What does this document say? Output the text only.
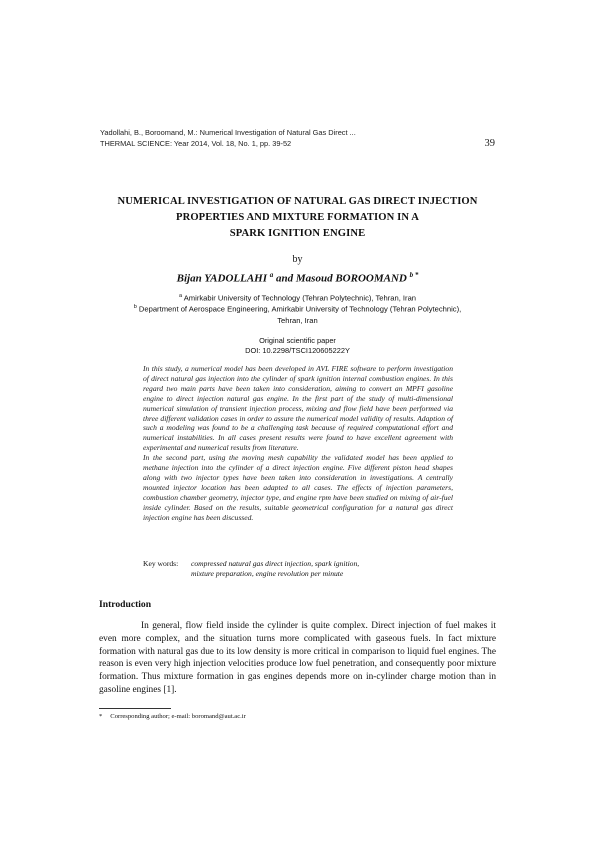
Yadollahi, B., Boroomand, M.: Numerical Investigation of Natural Gas Direct ...
THERMAL SCIENCE: Year 2014, Vol. 18, No. 1, pp. 39-52	39
NUMERICAL INVESTIGATION OF NATURAL GAS DIRECT INJECTION
PROPERTIES AND MIXTURE FORMATION IN A
SPARK IGNITION ENGINE
by
Bijan YADOLLAHI $^a$ and Masoud BOROOMAND $^{b *}$
$^a$ Amirkabir University of Technology (Tehran Polytechnic), Tehran, Iran
$^b$ Department of Aerospace Engineering, Amirkabir University of Technology (Tehran Polytechnic),
Tehran, Iran
Original scientific paper
DOI: 10.2298/TSCI120605222Y

In this study, a numerical model has been developed in AVL FIRE software to perform investigation of direct natural gas injection into the cylinder of spark ignition internal combustion engines. In this regard two main parts have been taken into consideration, aiming to convert an MPFI gasoline engine to direct injection natural gas engine. In the first part of the study of multi-dimensional numerical simulation of transient injection process, mixing and flow field have been performed via three different validation cases in order to assure the numerical model validity of results. Adaption of such a modeling was found to be a challenging task because of required computational effort and numerical instabilities. In all cases present results were found to have excellent agreement with experimental and numerical results from literature.

In the second part, using the moving mesh capability the validated model has been applied to methane injection into the cylinder of a direct injection engine. Five different piston head shapes along with two injector types have been taken into consideration in investigations. A centrally mounted injector location has been adapted to all cases. The effects of injection parameters, combustion chamber geometry, injector type, and engine rpm have been studied on mixing of air-fuel inside cylinder. Based on the results, suitable geometrical configuration for a natural gas direct injection engine has been discussed.

Key words:	compressed natural gas direct injection, spark ignition,
mixture preparation, engine revolution per minute
Introduction

In general, flow field inside the cylinder is quite complex. Direct injection of fuel makes it even more complex, and the situation turns more complicated with gaseous fuels. In fact mixture formation with natural gas due to its low density is more critical in comparison to liquid fuel engines. The reason is even very high injection velocities produce low fuel penetration, and consequently poor mixture formation. Thus mixture formation in gas engines depends more on in-cylinder charge motion than in gasoline engines [1].

* Corresponding author; e-mail: boromand@aut.ac.ir
